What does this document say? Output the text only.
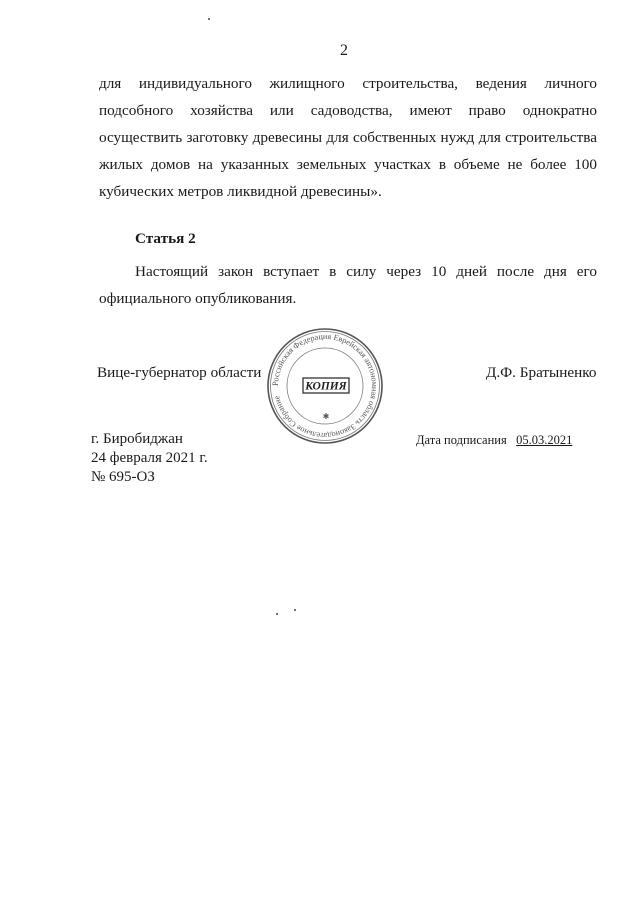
2
для индивидуального жилищного строительства, ведения личного подсобного хозяйства или садоводства, имеют право однократно осуществить заготовку древесины для собственных нужд для строительства жилых домов на указанных земельных участках в объеме не более 100 кубических метров ликвидной древесины».
Статья 2
Настоящий закон вступает в силу через 10 дней после дня его официального опубликования.
Вице-губернатор области
Российская Федерация Еврейская автономная область Законодательное Собрание
КОПИЯ
✱
Д.Ф. Братыненко
г. Биробиджан
24 февраля 2021 г.
№ 695-ОЗ
Дата подписания 05.03.2021
